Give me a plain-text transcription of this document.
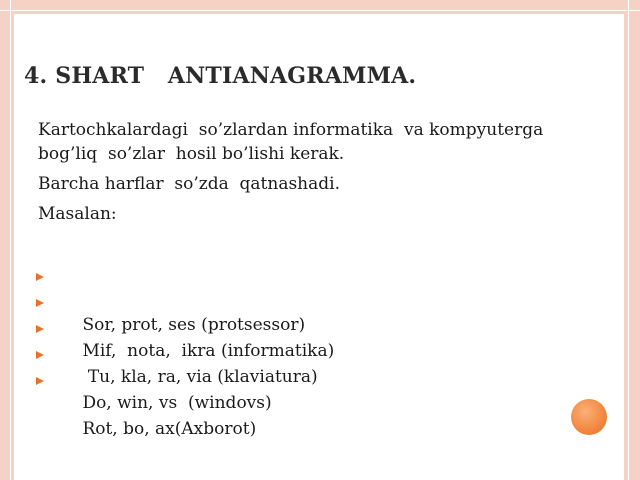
4. SHART   ANTIANAGRAMMA.

Kartochkalardagi  so’zlardan informatika  va kompyuterga  bog’liq  so’zlar  hosil bo’lishi kerak.

Barcha harflar  so’zda  qatnashadi.

Masalan:

Sor, prot, ses (protsessor)

Mif,  nota,  ikra (informatika)

Tu, kla, ra, via (klaviatura)

Do, win, vs  (windovs)

Rot, bo, ax(Axborot)
